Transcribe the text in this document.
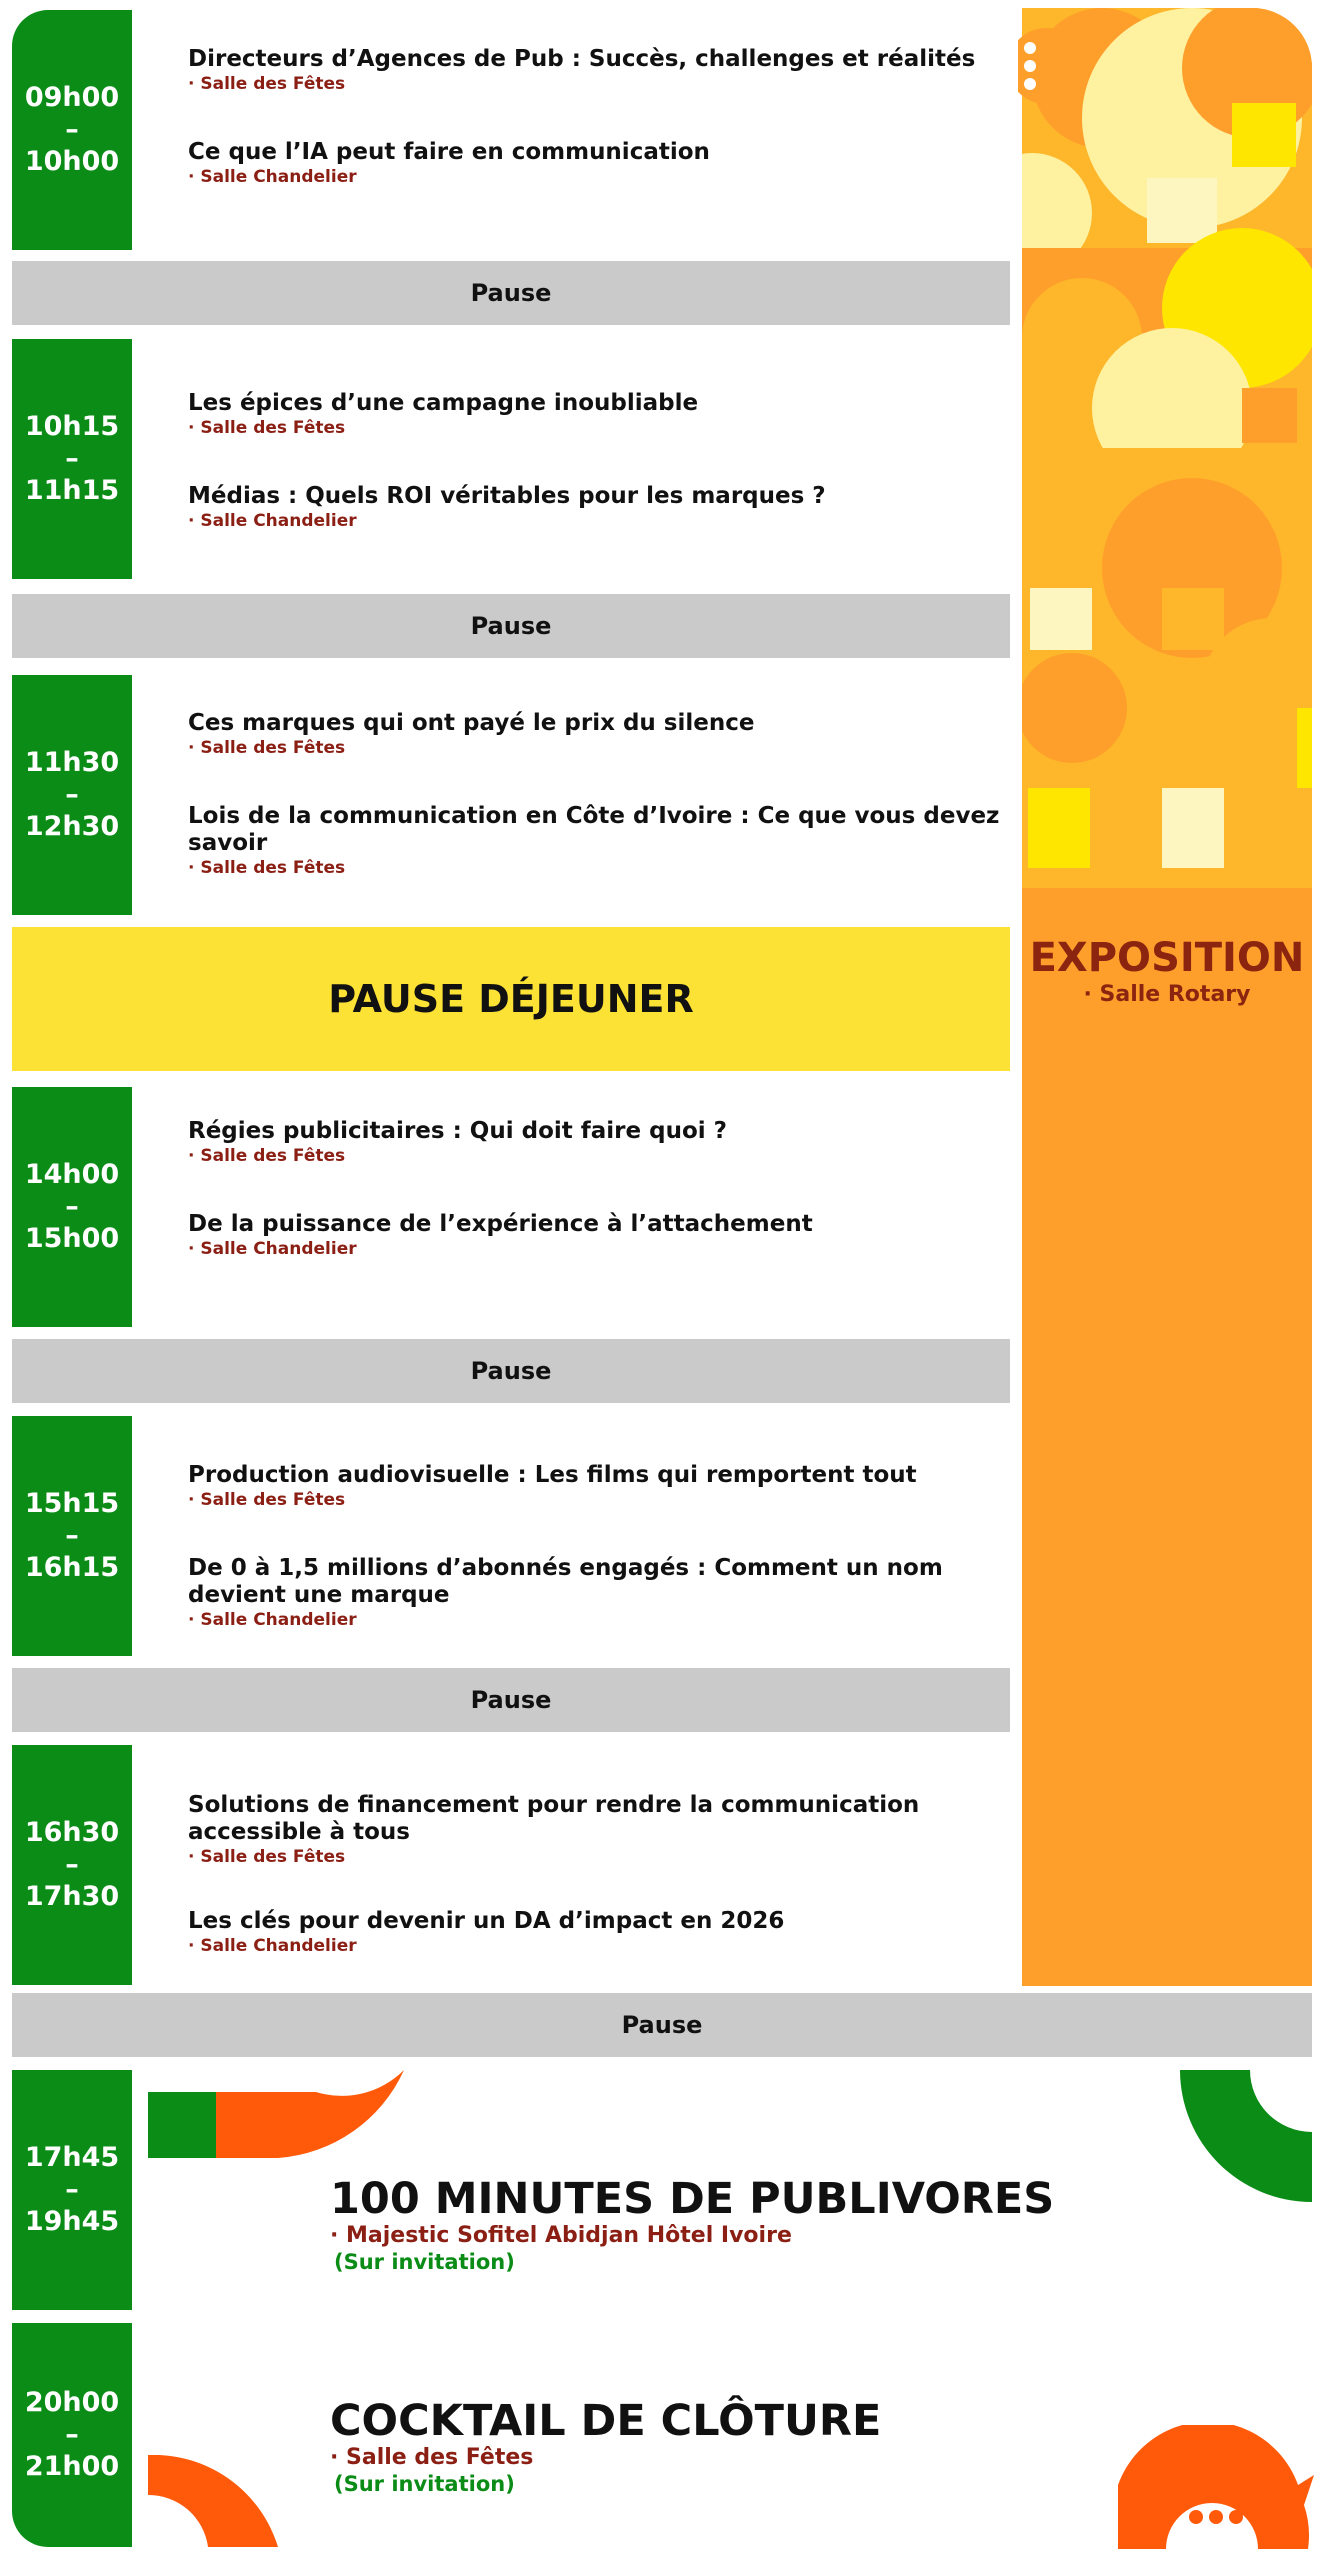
EXPOSITION
· Salle Rotary
09h00
–
10h00
Directeurs d’Agences de Pub : Succès, challenges et réalités
· Salle des Fêtes
Ce que l’IA peut faire en communication
· Salle Chandelier
Pause
10h15
–
11h15
Les épices d’une campagne inoubliable
· Salle des Fêtes
Médias : Quels ROI véritables pour les marques ?
· Salle Chandelier
Pause
11h30
–
12h30
Ces marques qui ont payé le prix du silence
· Salle des Fêtes
Lois de la communication en Côte d’Ivoire : Ce que vous devez savoir
· Salle des Fêtes
PAUSE DÉJEUNER
14h00
–
15h00
Régies publicitaires : Qui doit faire quoi ?
· Salle des Fêtes
De la puissance de l’expérience à l’attachement
· Salle Chandelier
Pause
15h15
–
16h15
Production audiovisuelle : Les films qui remportent tout
· Salle des Fêtes
De 0 à 1,5 millions d’abonnés engagés : Comment un nom devient une marque
· Salle Chandelier
Pause
16h30
–
17h30
Solutions de financement pour rendre la communication accessible à tous
· Salle des Fêtes
Les clés pour devenir un DA d’impact en 2026
· Salle Chandelier
Pause
17h45
–
19h45	100 MINUTES DE PUBLIVORES
· Majestic Sofitel Abidjan Hôtel Ivoire
(Sur invitation)
20h00
–
21h00
COCKTAIL DE CLÔTURE
· Salle des Fêtes
(Sur invitation)
